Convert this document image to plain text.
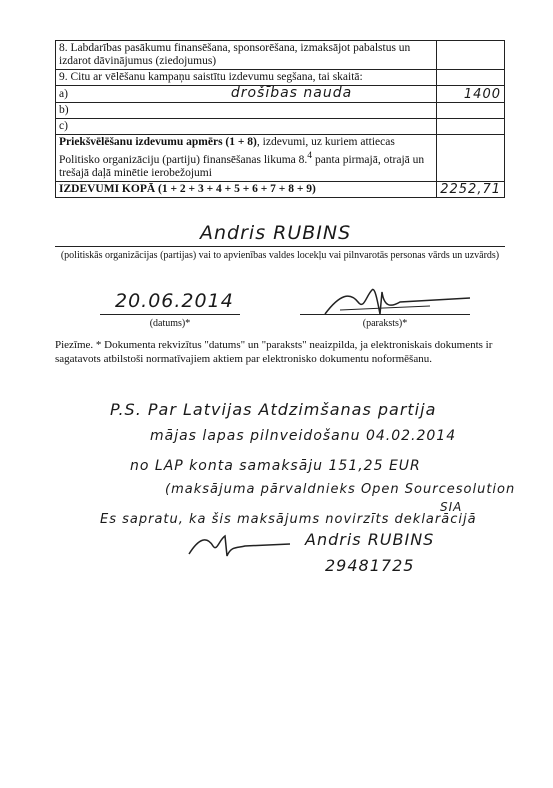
8. Labdarības pasākumu finansēšana, sponsorēšana, izmaksājot pabalstus un izdarot dāvinājumus (ziedojumus)	
9. Citu ar vēlēšanu kampaņu saistītu izdevumu segšana, tai skaitā:	
a) drošības nauda	1400
b)	
c)	
Priekšvēlēšanu izdevumu apmērs (1 + 8), izdevumi, uz kuriem attiecas Politisko organizāciju (partiju) finansēšanas likuma 8.$^4$ panta pirmajā, otrajā un trešajā daļā minētie ierobežojumi	
IZDEVUMI KOPĀ (1 + 2 + 3 + 4 + 5 + 6 + 7 + 8 + 9)	2252,71
Andris RUBINS
(politiskās organizācijas (partijas) vai to apvienības valdes locekļu vai pilnvarotās personas vārds un uzvārds)
20.06.2014
(datums)*	(paraksts)*
Piezīme. * Dokumenta rekvizītus "datums" un "paraksts" neaizpilda, ja elektroniskais dokuments ir sagatavots atbilstoši normatīvajiem aktiem par elektronisko dokumentu noformēšanu.
P.S. Par Latvijas Atdzimšanas partija
mājas lapas pilnveidošanu 04.02.2014
no LAP konta samaksāju 151,25 EUR
(maksājuma pārvaldnieks Open Sourcesolution
SIA
Es sapratu, ka šis maksājums novirzīts deklarācijā
Andris RUBINS
29481725
